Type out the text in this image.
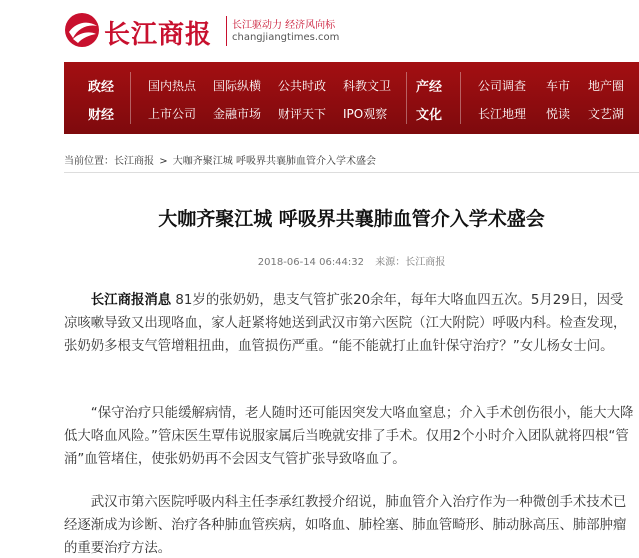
长江商报 长江驱动力 经济风向标
changjiangtimes.com
政经
财经
国内热点 国际纵横 公共时政 科教文卫
上市公司 金融市场 财评天下 IPO观察
产经
文化
公司调查 车市 地产圈
长江地理 悦读 文艺湖
当前位置：长江商报 > 大咖齐聚江城 呼吸界共襄肺血管介入学术盛会
大咖齐聚江城 呼吸界共襄肺血管介入学术盛会
2018-06-14 06:44:32 来源：长江商报

长江商报消息 81岁的张奶奶，患支气管扩张20余年，每年大咯血四五次。5月29日，因受凉咳嗽导致又出现咯血，家人赶紧将她送到武汉市第六医院（江大附院）呼吸内科。检查发现，张奶奶多根支气管增粗扭曲，血管损伤严重。“能不能就打止血针保守治疗？”女儿杨女士问。

“保守治疗只能缓解病情，老人随时还可能因突发大咯血窒息；介入手术创伤很小，能大大降低大咯血风险。”管床医生覃伟说服家属后当晚就安排了手术。仅用2个小时介入团队就将四根“管涌”血管堵住，使张奶奶再不会因支气管扩张导致咯血了。

武汉市第六医院呼吸内科主任李承红教授介绍说，肺血管介入治疗作为一种微创手术技术已经逐渐成为诊断、治疗各种肺血管疾病，如咯血、肺栓塞、肺血管畸形、肺动脉高压、肺部肿瘤的重要治疗方法。
